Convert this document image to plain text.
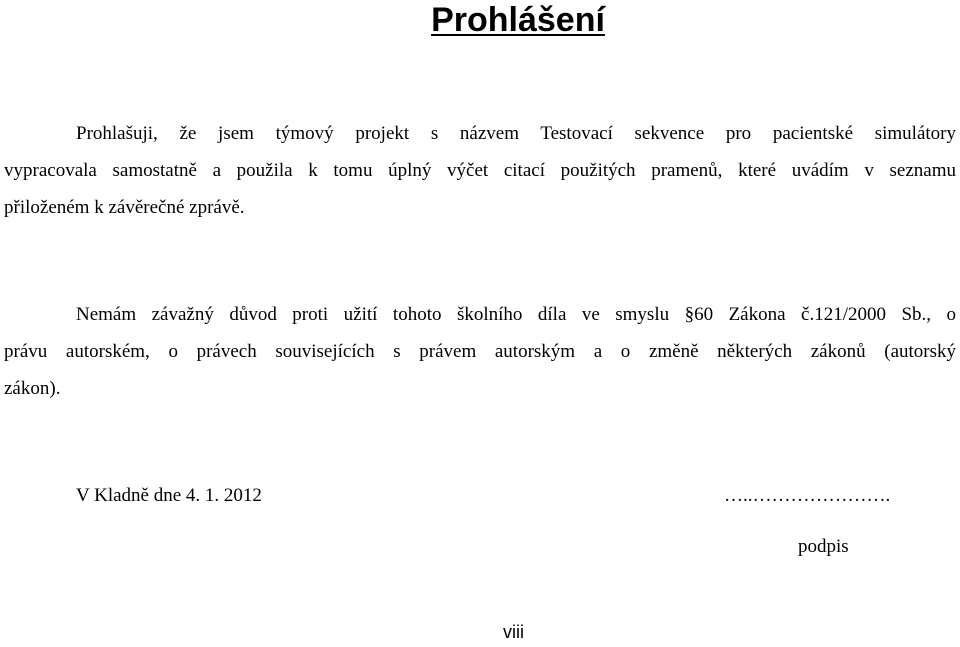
Prohlášení
Prohlašuji, že jsem týmový projekt s názvem Testovací sekvence pro pacientské simulátory
vypracovala samostatně a použila k tomu úplný výčet citací použitých pramenů, které uvádím v seznamu
přiloženém k závěrečné zprávě.
Nemám závažný důvod proti užití tohoto školního díla ve smyslu §60 Zákona č.121/2000 Sb., o
právu autorském, o právech souvisejících s právem autorským a o změně některých zákonů (autorský
zákon).

V Kladně dne 4. 1. 2012	…..………………….

podpis

viii
